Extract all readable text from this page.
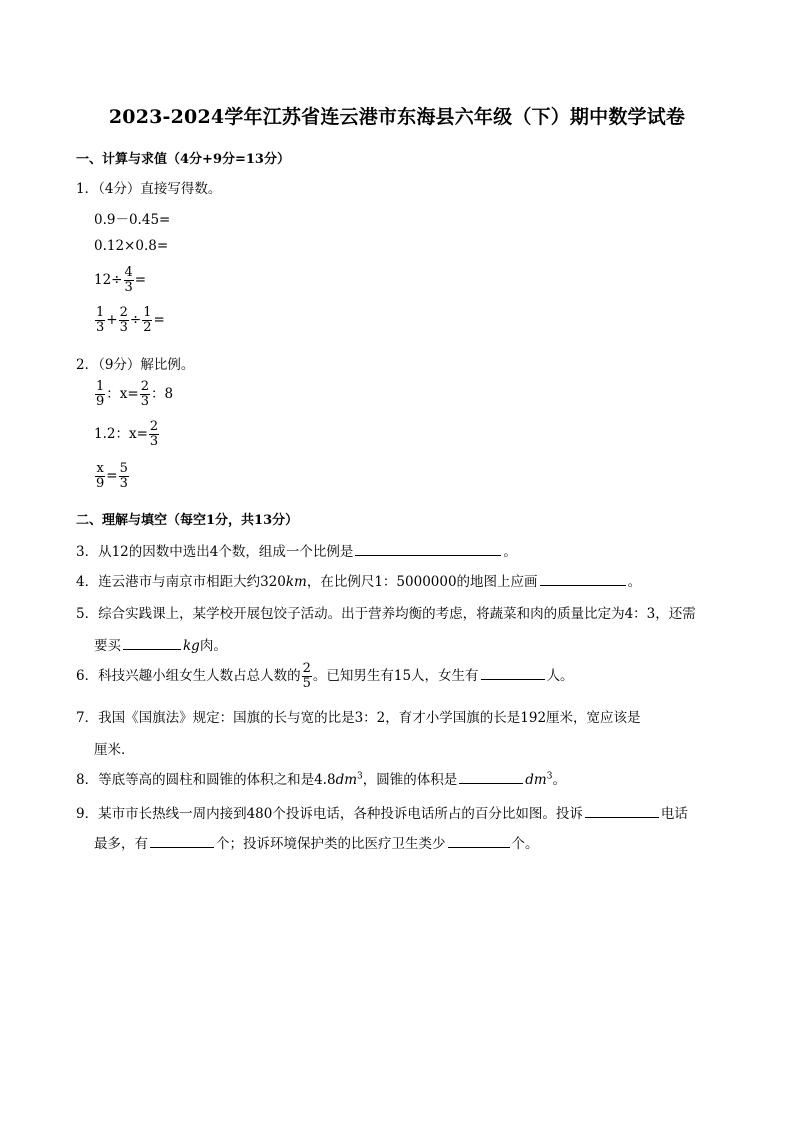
2023-2024学年江苏省连云港市东海县六年级（下）期中数学试卷
一、计算与求值（4分+9分=13分）
1．（4分）直接写得数。
0.9－0.45=
0.12×0.8=
$12\div \frac{4}{3}$ =
$\frac{1}{3} + \frac{2}{3} \div \frac{1}{2}$ =
2．（9分）解比例。
$\frac{1}{9}$ ：$x= \frac{2}{3}$ ：8
1.2：$x= \frac{2}{3}$
$\frac{x}{9} = \frac{5}{3}$
二、理解与填空（每空1分，共13分）
3．从12的因数中选出4个数，组成一个比例是	。
4．连云港市与南京市相距大约320km，在比例尺1：5000000的地图上应画	。
5．综合实践课上，某学校开展包饺子活动。出于营养均衡的考虑，将蔬菜和肉的质量比定为4：3，还需
要买	kg肉。
6．科技兴趣小组女生人数占总人数的 $\frac{2}{5}$ 。已知男生有15人，女生有	人。
7．我国《国旗法》规定：国旗的长与宽的比是3：2，育才小学国旗的长是192厘米，宽应该是
厘米．
8．等底等高的圆柱和圆锥的体积之和是$4.8dm^3$，圆锥的体积是	$dm^3$。
9．某市市长热线一周内接到480个投诉电话，各种投诉电话所占的百分比如图。投诉	电话
最多，有	个；投诉环境保护类的比医疗卫生类少	个。
